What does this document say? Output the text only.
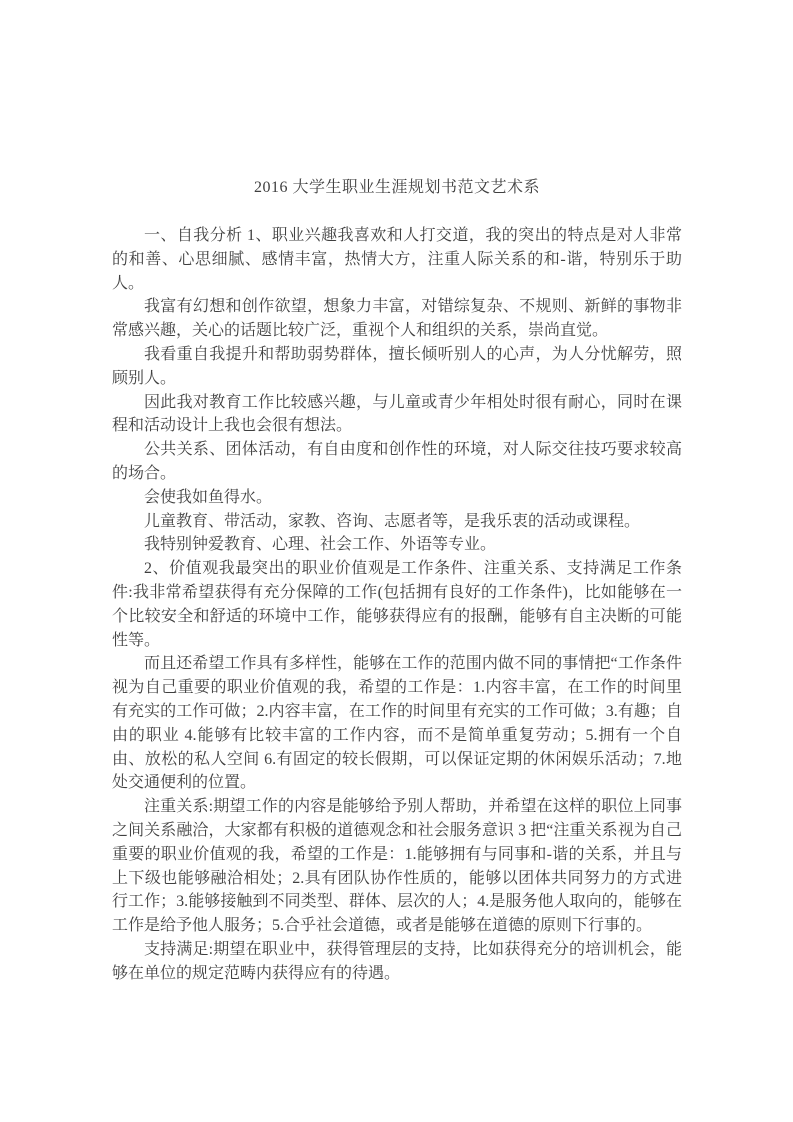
2016 大学生职业生涯规划书范文艺术系

一、自我分析 1、职业兴趣我喜欢和人打交道，我的突出的特点是对人非常的和善、心思细腻、感情丰富，热情大方，注重人际关系的和-谐，特别乐于助人。

我富有幻想和创作欲望，想象力丰富，对错综复杂、不规则、新鲜的事物非常感兴趣，关心的话题比较广泛，重视个人和组织的关系，崇尚直觉。

我看重自我提升和帮助弱势群体，擅长倾听别人的心声，为人分忧解劳，照顾别人。

因此我对教育工作比较感兴趣，与儿童或青少年相处时很有耐心，同时在课程和活动设计上我也会很有想法。

公共关系、团体活动，有自由度和创作性的环境，对人际交往技巧要求较高的场合。

会使我如鱼得水。

儿童教育、带活动，家教、咨询、志愿者等，是我乐衷的活动或课程。

我特别钟爱教育、心理、社会工作、外语等专业。

2、价值观我最突出的职业价值观是工作条件、注重关系、支持满足工作条件:我非常希望获得有充分保障的工作(包括拥有良好的工作条件)，比如能够在一个比较安全和舒适的环境中工作，能够获得应有的报酬，能够有自主决断的可能性等。

而且还希望工作具有多样性，能够在工作的范围内做不同的事情把“工作条件视为自己重要的职业价值观的我，希望的工作是：1.内容丰富，在工作的时间里有充实的工作可做；2.内容丰富，在工作的时间里有充实的工作可做；3.有趣；自由的职业 4.能够有比较丰富的工作内容，而不是简单重复劳动；5.拥有一个自由、放松的私人空间 6.有固定的较长假期，可以保证定期的休闲娱乐活动；7.地处交通便利的位置。

注重关系:期望工作的内容是能够给予别人帮助，并希望在这样的职位上同事之间关系融洽，大家都有积极的道德观念和社会服务意识 3 把“注重关系视为自己重要的职业价值观的我，希望的工作是：1.能够拥有与同事和-谐的关系，并且与上下级也能够融洽相处；2.具有团队协作性质的，能够以团体共同努力的方式进行工作；3.能够接触到不同类型、群体、层次的人；4.是服务他人取向的，能够在工作是给予他人服务；5.合乎社会道德，或者是能够在道德的原则下行事的。

支持满足:期望在职业中，获得管理层的支持，比如获得充分的培训机会，能够在单位的规定范畴内获得应有的待遇。
